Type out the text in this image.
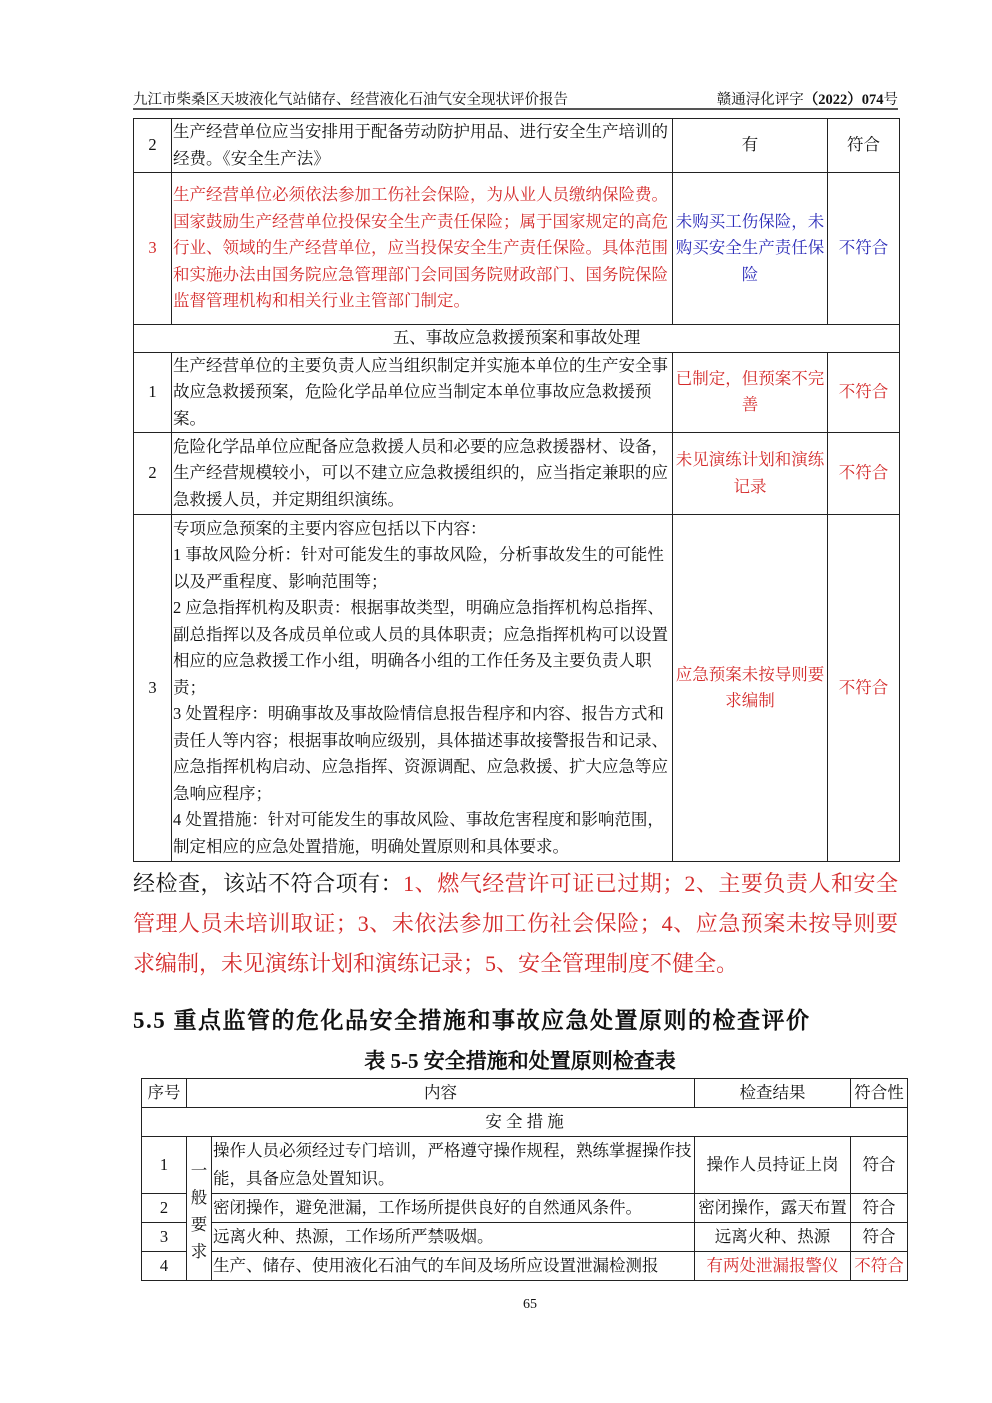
九江市柴桑区天坡液化气站储存、经营液化石油气安全现状评价报告	赣通浔化评字（2022）074号
2	生产经营单位应当安排用于配备劳动防护用品、进行安全生产培训的经费。《安全生产法》	有	符合
3	生产经营单位必须依法参加工伤社会保险，为从业人员缴纳保险费。
国家鼓励生产经营单位投保安全生产责任保险；属于国家规定的高危行业、领域的生产经营单位，应当投保安全生产责任保险。具体范围和实施办法由国务院应急管理部门会同国务院财政部门、国务院保险监督管理机构和相关行业主管部门制定。	未购买工伤保险，未购买安全生产责任保险	不符合
五、事故应急救援预案和事故处理			
1	生产经营单位的主要负责人应当组织制定并实施本单位的生产安全事故应急救援预案，危险化学品单位应当制定本单位事故应急救援预案。	已制定，但预案不完善	不符合
2	危险化学品单位应配备应急救援人员和必要的应急救援器材、设备，生产经营规模较小，可以不建立应急救援组织的，应当指定兼职的应急救援人员，并定期组织演练。	未见演练计划和演练记录	不符合
3	专项应急预案的主要内容应包括以下内容：
1 事故风险分析：针对可能发生的事故风险，分析事故发生的可能性以及严重程度、影响范围等；
2 应急指挥机构及职责：根据事故类型，明确应急指挥机构总指挥、副总指挥以及各成员单位或人员的具体职责；应急指挥机构可以设置相应的应急救援工作小组，明确各小组的工作任务及主要负责人职责；
3 处置程序：明确事故及事故险情信息报告程序和内容、报告方式和责任人等内容；根据事故响应级别，具体描述事故接警报告和记录、应急指挥机构启动、应急指挥、资源调配、应急救援、扩大应急等应急响应程序；
4 处置措施：针对可能发生的事故风险、事故危害程度和影响范围，制定相应的应急处置措施，明确处置原则和具体要求。	应急预案未按导则要求编制	不符合
经检查，该站不符合项有：1、燃气经营许可证已过期；2、主要负责人和安全管理人员未培训取证；3、未依法参加工伤社会保险；4、应急预案未按导则要求编制，未见演练计划和演练记录；5、安全管理制度不健全。
5.5 重点监管的危化品安全措施和事故应急处置原则的检查评价
表 5-5 安全措施和处置原则检查表
序号	内容		检查结果	符合性
安 全 措 施				
1	一般要求	操作人员必须经过专门培训，严格遵守操作规程，熟练掌握操作技能，具备应急处置知识。	操作人员持证上岗	符合
2		密闭操作，避免泄漏，工作场所提供良好的自然通风条件。	密闭操作，露天布置	符合
3		远离火种、热源，工作场所严禁吸烟。	远离火种、热源	符合
4		生产、储存、使用液化石油气的车间及场所应设置泄漏检测报	有两处泄漏报警仪	不符合
65
